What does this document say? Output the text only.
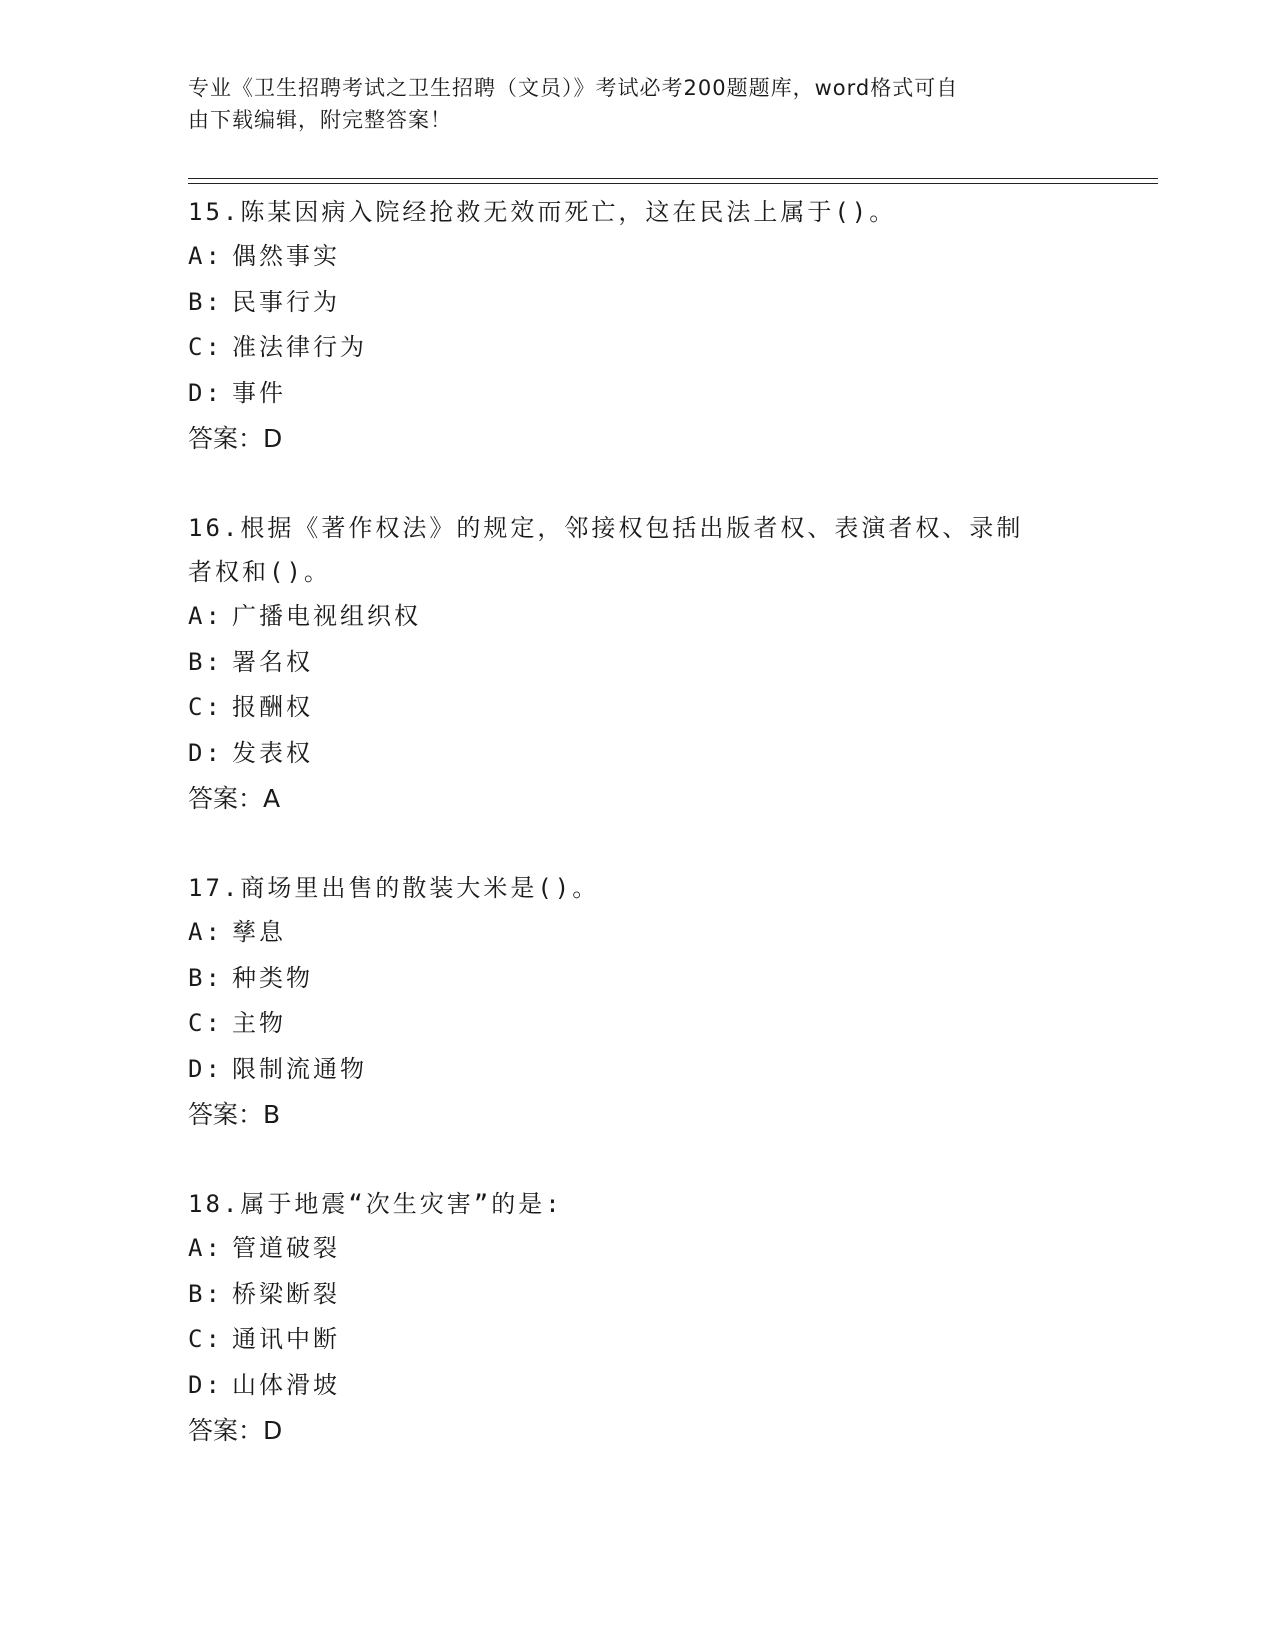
专业《卫生招聘考试之卫生招聘（文员）》考试必考200题题库，word格式可自
由下载编辑，附完整答案！

15.陈某因病入院经抢救无效而死亡，这在民法上属于()。

A: 偶然事实
B: 民事行为
C: 准法律行为
D: 事件

答案：D

16.根据《著作权法》的规定，邻接权包括出版者权、表演者权、录制

者权和()。

A: 广播电视组织权
B: 署名权
C: 报酬权
D: 发表权

答案：A

17.商场里出售的散装大米是()。

A: 孳息
B: 种类物
C: 主物
D: 限制流通物

答案：B

18.属于地震“次生灾害”的是:

A: 管道破裂
B: 桥梁断裂
C: 通讯中断
D: 山体滑坡

答案：D
